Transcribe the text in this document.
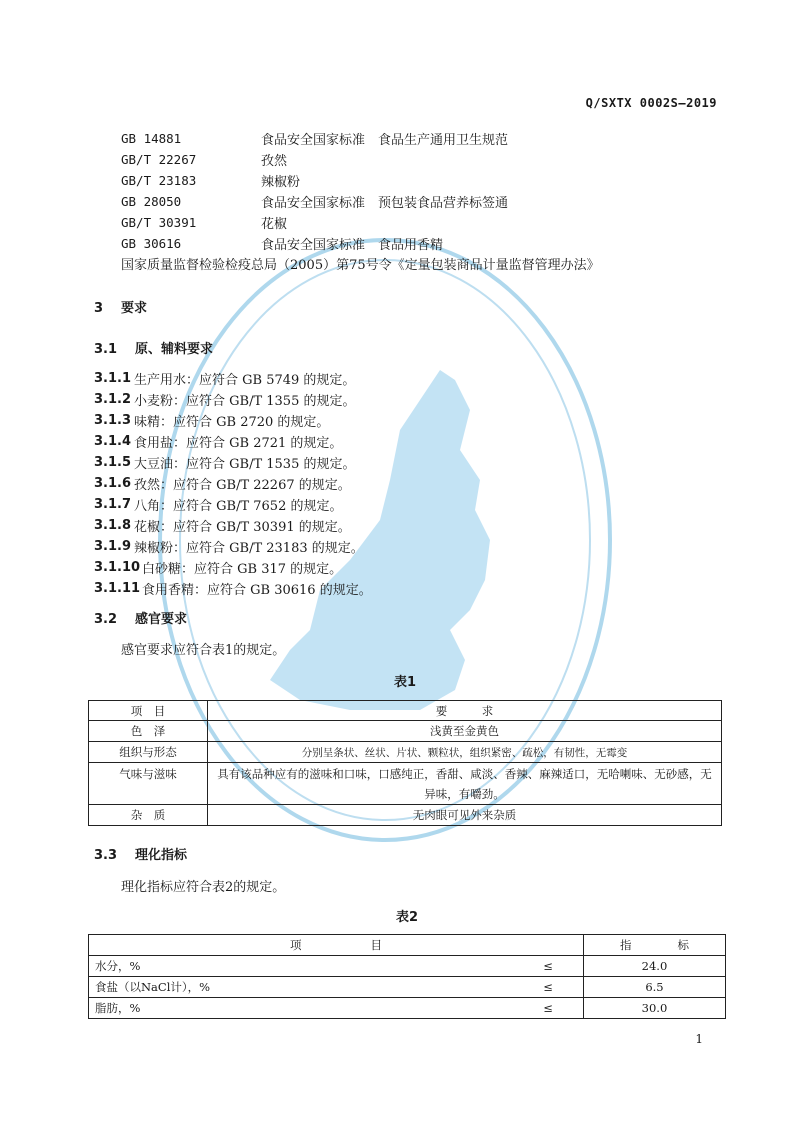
Q/SXTX 0002S—2019
GB 14881	食品安全国家标准　食品生产通用卫生规范
GB/T 22267	孜然
GB/T 23183	辣椒粉
GB 28050	食品安全国家标准　预包装食品营养标签通
GB/T 30391	花椒
GB 30616	食品安全国家标准　食品用香精
国家质量监督检验检疫总局（2005）第75号令《定量包装商品计量监督管理办法》
3 要求
3.1 原、辅料要求
3.1.1 生产用水：应符合 GB 5749 的规定。
3.1.2 小麦粉：应符合 GB/T 1355 的规定。
3.1.3 味精：应符合 GB 2720 的规定。
3.1.4 食用盐：应符合 GB 2721 的规定。
3.1.5 大豆油：应符合 GB/T 1535 的规定。
3.1.6 孜然：应符合 GB/T 22267 的规定。
3.1.7 八角：应符合 GB/T 7652 的规定。
3.1.8 花椒：应符合 GB/T 30391 的规定。
3.1.9 辣椒粉：应符合 GB/T 23183 的规定。
3.1.10 白砂糖：应符合 GB 317 的规定。
3.1.11 食用香精：应符合 GB 30616 的规定。
3.2 感官要求
感官要求应符合表1的规定。
表1
项　目	要　　　求
色　泽	浅黄至金黄色
组织与形态	分别呈条状、丝状、片状、颗粒状，组织紧密、疏松，有韧性，无霉变
气味与滋味	具有该品种应有的滋味和口味，口感纯正，香甜、咸淡、香辣、麻辣适口，无哈喇味、无砂感，无异味，有嚼劲。
杂　质	无肉眼可见外来杂质
3.3 理化指标
理化指标应符合表2的规定。
表2
项　　　　　　目		指　　　　标
水分，%	≤	24.0
食盐（以NaCl计），%	≤	6.5
脂肪，%	≤	30.0
1
